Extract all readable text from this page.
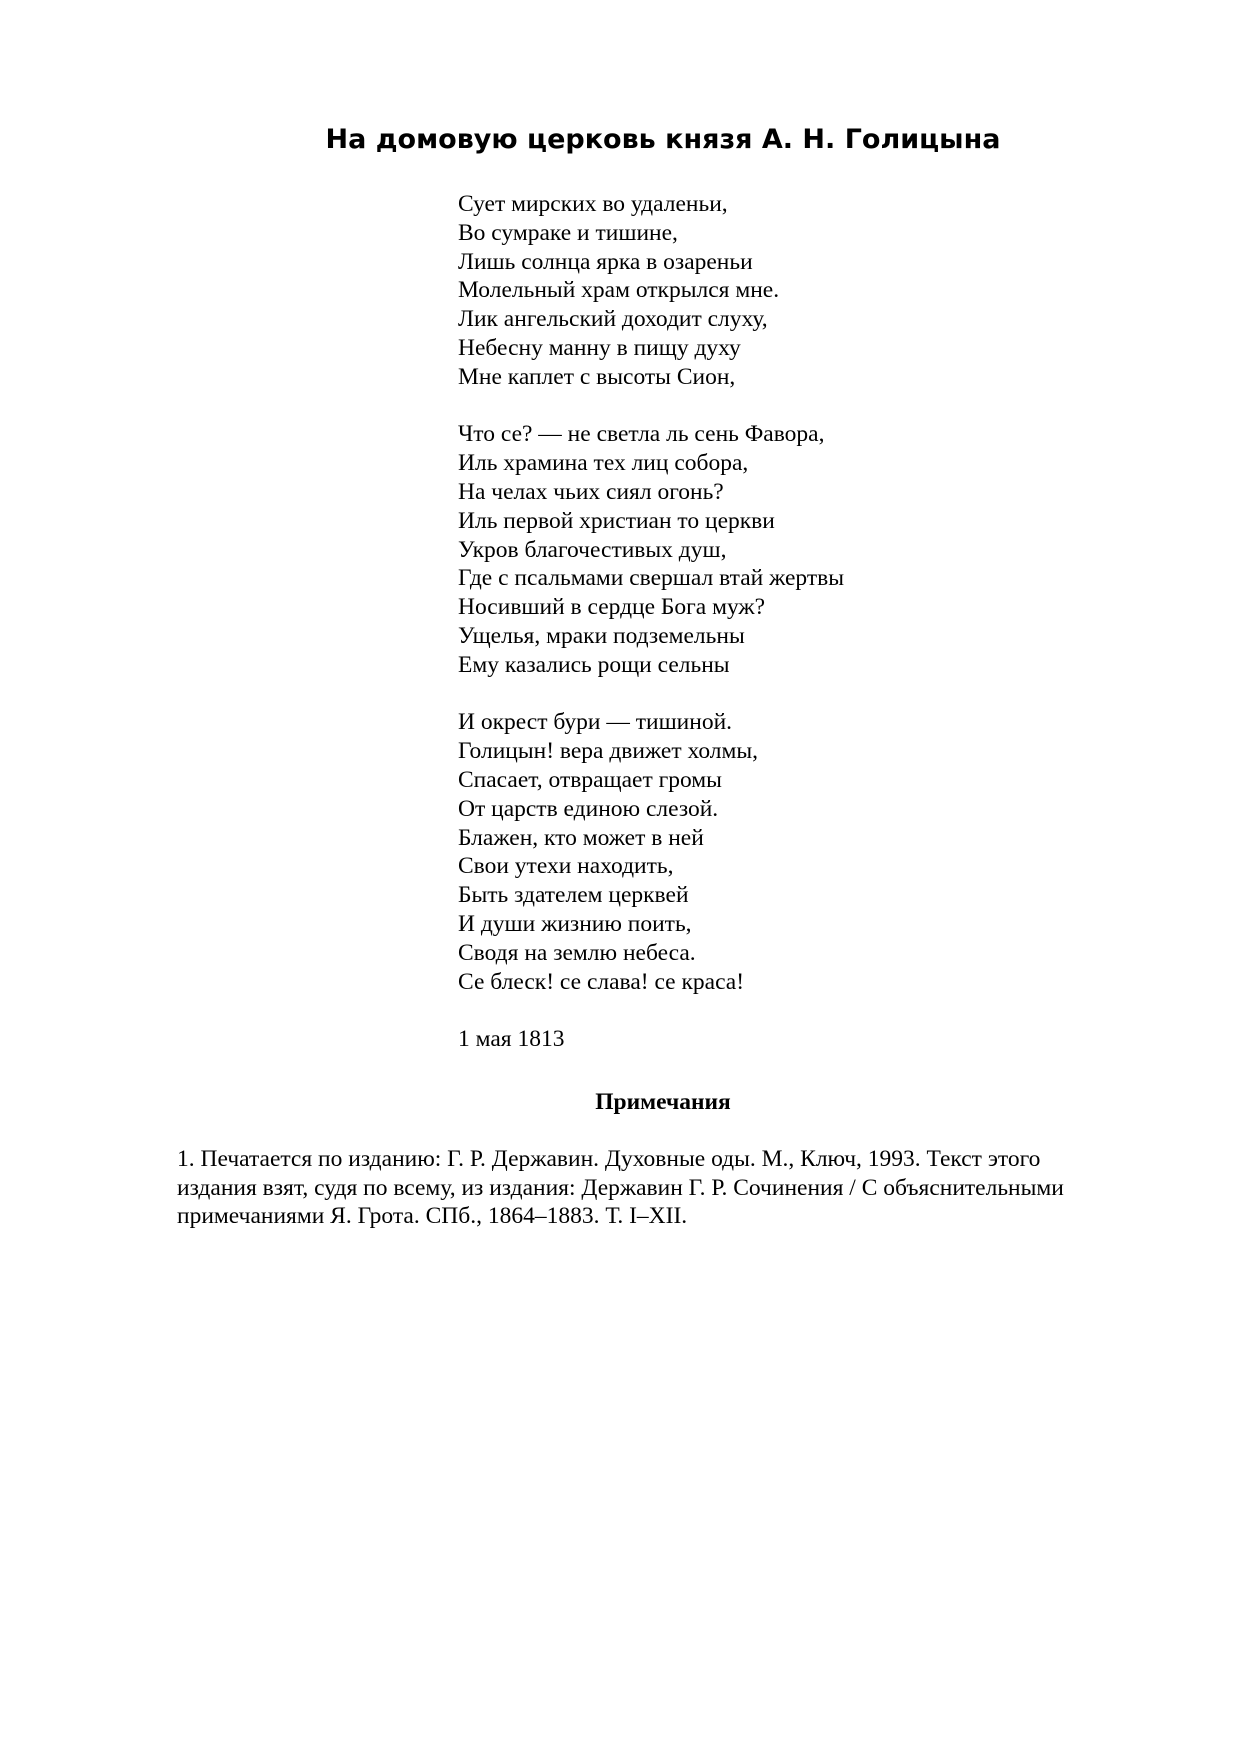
На домовую церковь князя А. Н. Голицына
Сует мирских во удаленьи,
Во сумраке и тишине,
Лишь солнца ярка в озареньи
Молельный храм открылся мне.
Лик ангельский доходит слуху,
Небесну манну в пищу духу
Мне каплет с высоты Сион,
Что се? — не светла ль сень Фавора,
Иль храмина тех лиц собора,
На челах чьих сиял огонь?
Иль первой христиан то церкви
Укров благочестивых душ,
Где с псальмами свершал втай жертвы
Носивший в сердце Бога муж?
Ущелья, мраки подземельны
Ему казались рощи сельны
И окрест бури — тишиной.
Голицын! вера движет холмы,
Спасает, отвращает громы
От царств единою слезой.
Блажен, кто может в ней
Свои утехи находить,
Быть здателем церквей
И души жизнию поить,
Сводя на землю небеса.
Се блеск! се слава! се краса!
1 мая 1813
Примечания
1. Печатается по изданию: Г. Р. Державин. Духовные оды. М., Ключ, 1993. Текст этого
издания взят, судя по всему, из издания: Державин Г. Р. Сочинения / С объяснительными
примечаниями Я. Грота. СПб., 1864–1883. Т. I–XII.
